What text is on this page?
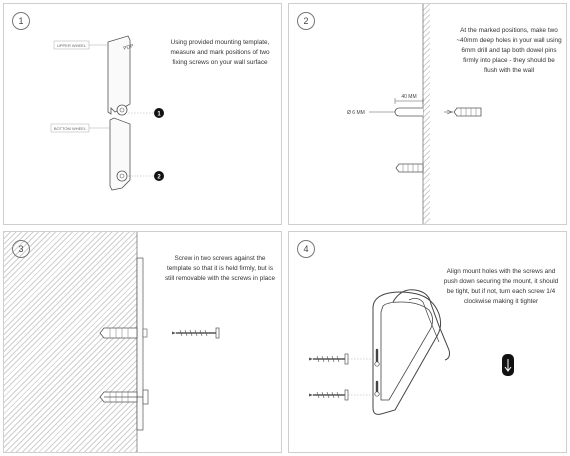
1
Using provided mounting template, measure and mark positions of two fixing screws on your wall surface
PDP
UPPER WHEEL
BOTTOM WHEEL
1
2
2
At the marked positions, make two ~40mm deep holes in your wall using 6mm drill and tap both dowel pins firmly into place - they should be flush with the wall
40 MM
Ø 6 MM
3
Screw in two screws against the template so that it is held firmly, but is still removable with the screws in place
4
Align mount holes with the screws and push down securing the mount, it should be tight, but if not, turn each screw 1/4 clockwise making it tighter
